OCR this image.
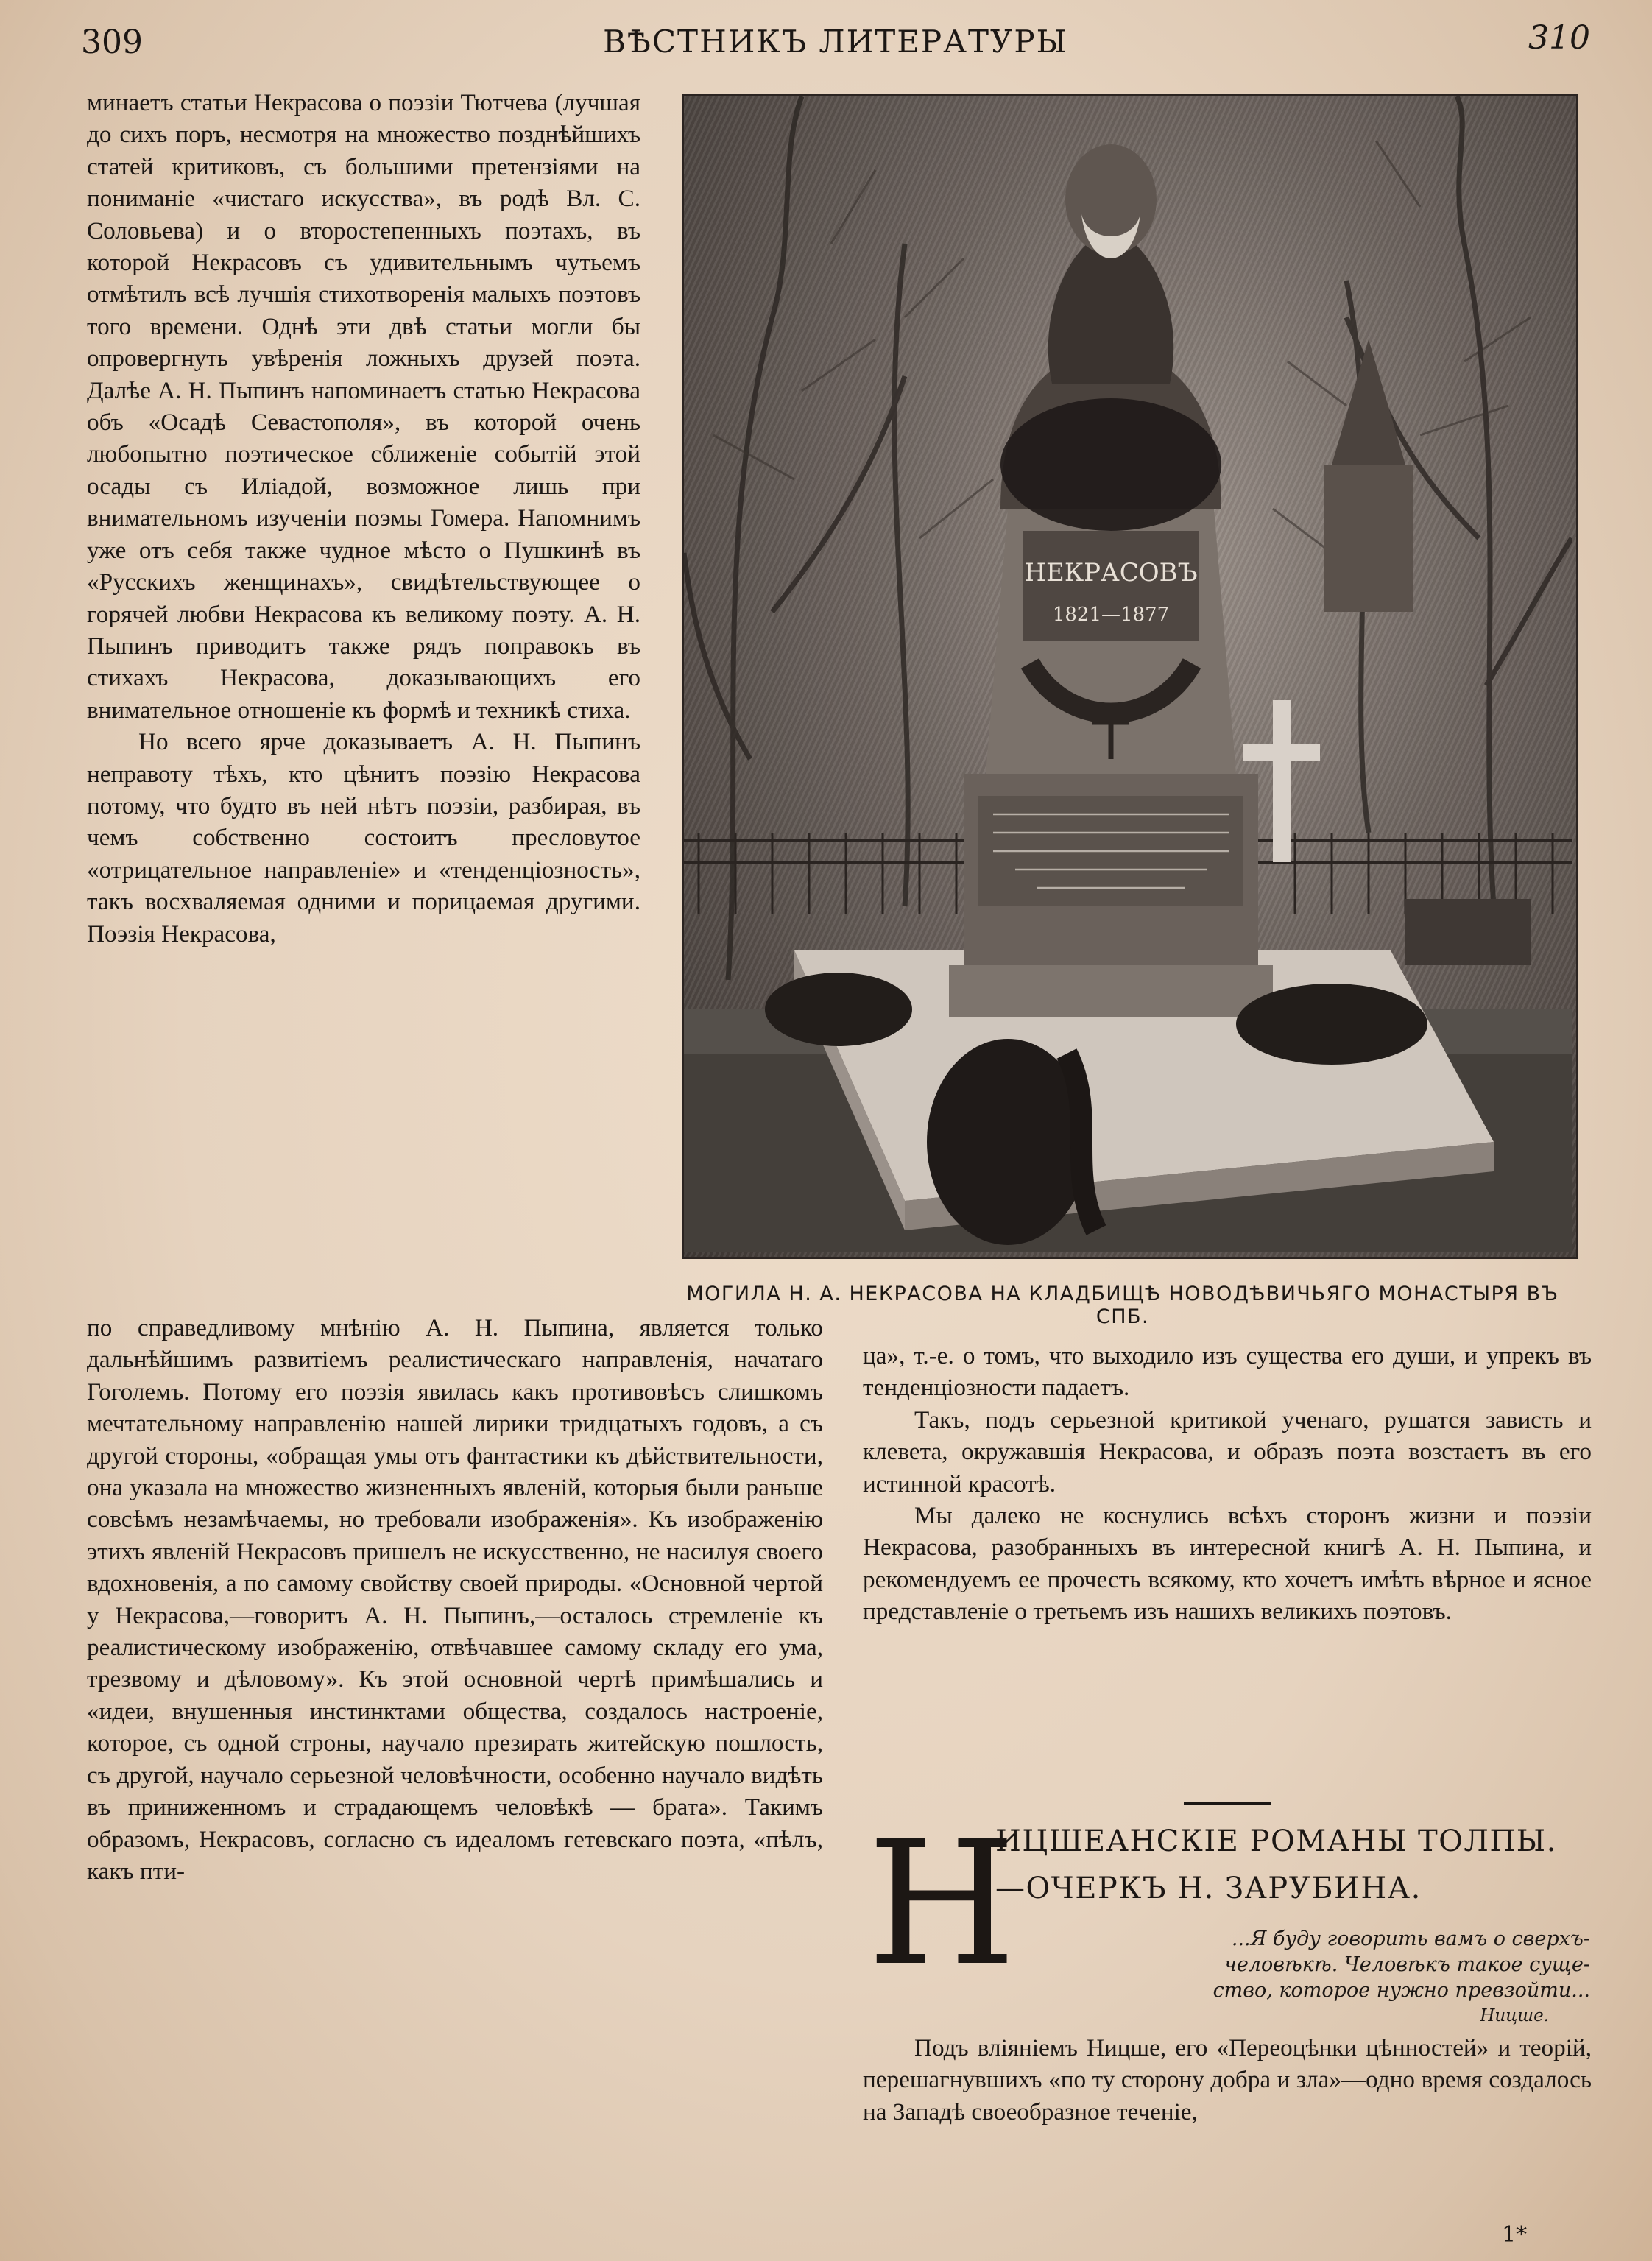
309	ВѢСТНИКЪ ЛИТЕРАТУРЫ	310

минаетъ статьи Некрасова о поэзіи Тютчева (лучшая до сихъ поръ, несмотря на множество позднѣйшихъ статей критиковъ, съ большими претензіями на пониманіе «чистаго искусства», въ родѣ Вл. С. Соловьева) и о второстепенныхъ поэтахъ, въ которой Некрасовъ съ удивительнымъ чутьемъ отмѣтилъ всѣ лучшія стихотворенія малыхъ поэтовъ того времени. Однѣ эти двѣ статьи могли бы опровергнуть увѣренія ложныхъ друзей поэта. Далѣе А. Н. Пыпинъ напоминаетъ статью Некрасова объ «Осадѣ Севастополя», въ которой очень любопытно поэтическое сближеніе событій этой осады съ Иліадой, возможное лишь при внимательномъ изученіи поэмы Гомера. Напомнимъ уже отъ себя также чудное мѣсто о Пушкинѣ въ «Русскихъ женщинахъ», свидѣтельствующее о горячей любви Некрасова къ великому поэту. А. Н. Пыпинъ приводитъ также рядъ поправокъ въ стихахъ Некрасова, доказывающихъ его внимательное отношеніе къ формѣ и техникѣ стиха.

Но всего ярче доказываетъ А. Н. Пыпинъ неправоту тѣхъ, кто цѣнитъ поэзію Некрасова потому, что будто въ ней нѣтъ поэзіи, разбирая, въ чемъ собственно состоитъ пресловутое «отрицательное направленіе» и «тенденціозность», такъ восхваляемая одними и порицаемая другими. Поэзія Некрасова,

НЕКРАСОВЪ
1821—1877
МОГИЛА Н. А. НЕКРАСОВА НА КЛАДБИЩѢ НОВОДѢВИЧЬЯГО МОНАСТЫРЯ ВЪ СПБ.

по справедливому мнѣнію А. Н. Пыпина, является только дальнѣйшимъ развитіемъ реалистическаго направленія, начатаго Гоголемъ. Потому его поэзія явилась какъ противовѣсъ слишкомъ мечтательному направленію нашей лирики тридцатыхъ годовъ, а съ другой стороны, «обращая умы отъ фантастики къ дѣйствительности, она указала на множество жизненныхъ явленій, которыя были раньше совсѣмъ незамѣчаемы, но требовали изображенія». Къ изображенію этихъ явленій Некрасовъ пришелъ не искусственно, не насилуя своего вдохновенія, а по самому свойству своей природы. «Основной чертой у Некрасова,—говоритъ А. Н. Пыпинъ,—осталось стремленіе къ реалистическому изображенію, отвѣчавшее самому складу его ума, трезвому и дѣловому». Къ этой основной чертѣ примѣшались и «идеи, внушенныя инстинктами общества, создалось настроеніе, которое, съ одной строны, научало презирать житейскую пошлость, съ другой, научало серьезной человѣчности, особенно научало видѣть въ приниженномъ и страдающемъ человѣкѣ — брата». Такимъ образомъ, Некрасовъ, согласно съ идеаломъ гетевскаго поэта, «пѣлъ, какъ пти-

ца», т.-е. о томъ, что выходило изъ существа его души, и упрекъ въ тенденціозности падаетъ.

Такъ, подъ серьезной критикой ученаго, рушатся зависть и клевета, окружавшія Некрасова, и образъ поэта возстаетъ въ его истинной красотѣ.

Мы далеко не коснулись всѣхъ сторонъ жизни и поэзіи Некрасова, разобранныхъ въ интересной книгѣ А. Н. Пыпина, и рекомендуемъ ее прочесть всякому, кто хочетъ имѣть вѣрное и ясное представленіе о третьемъ изъ нашихъ великихъ поэтовъ.

Н
ИЦШЕАНСКІЕ РОМАНЫ ТОЛПЫ.
—ОЧЕРКЪ Н. ЗАРУБИНА.
...Я буду говорить вамъ о сверхъ-
человѣкѣ. Человѣкъ такое суще-
ство, которое нужно превзойти...
Ницше.

Подъ вліяніемъ Ницше, его «Переоцѣнки цѣнностей» и теорій, перешагнувшихъ «по ту сторону добра и зла»—одно время создалось на Западѣ своеобразное теченіе,

1*
